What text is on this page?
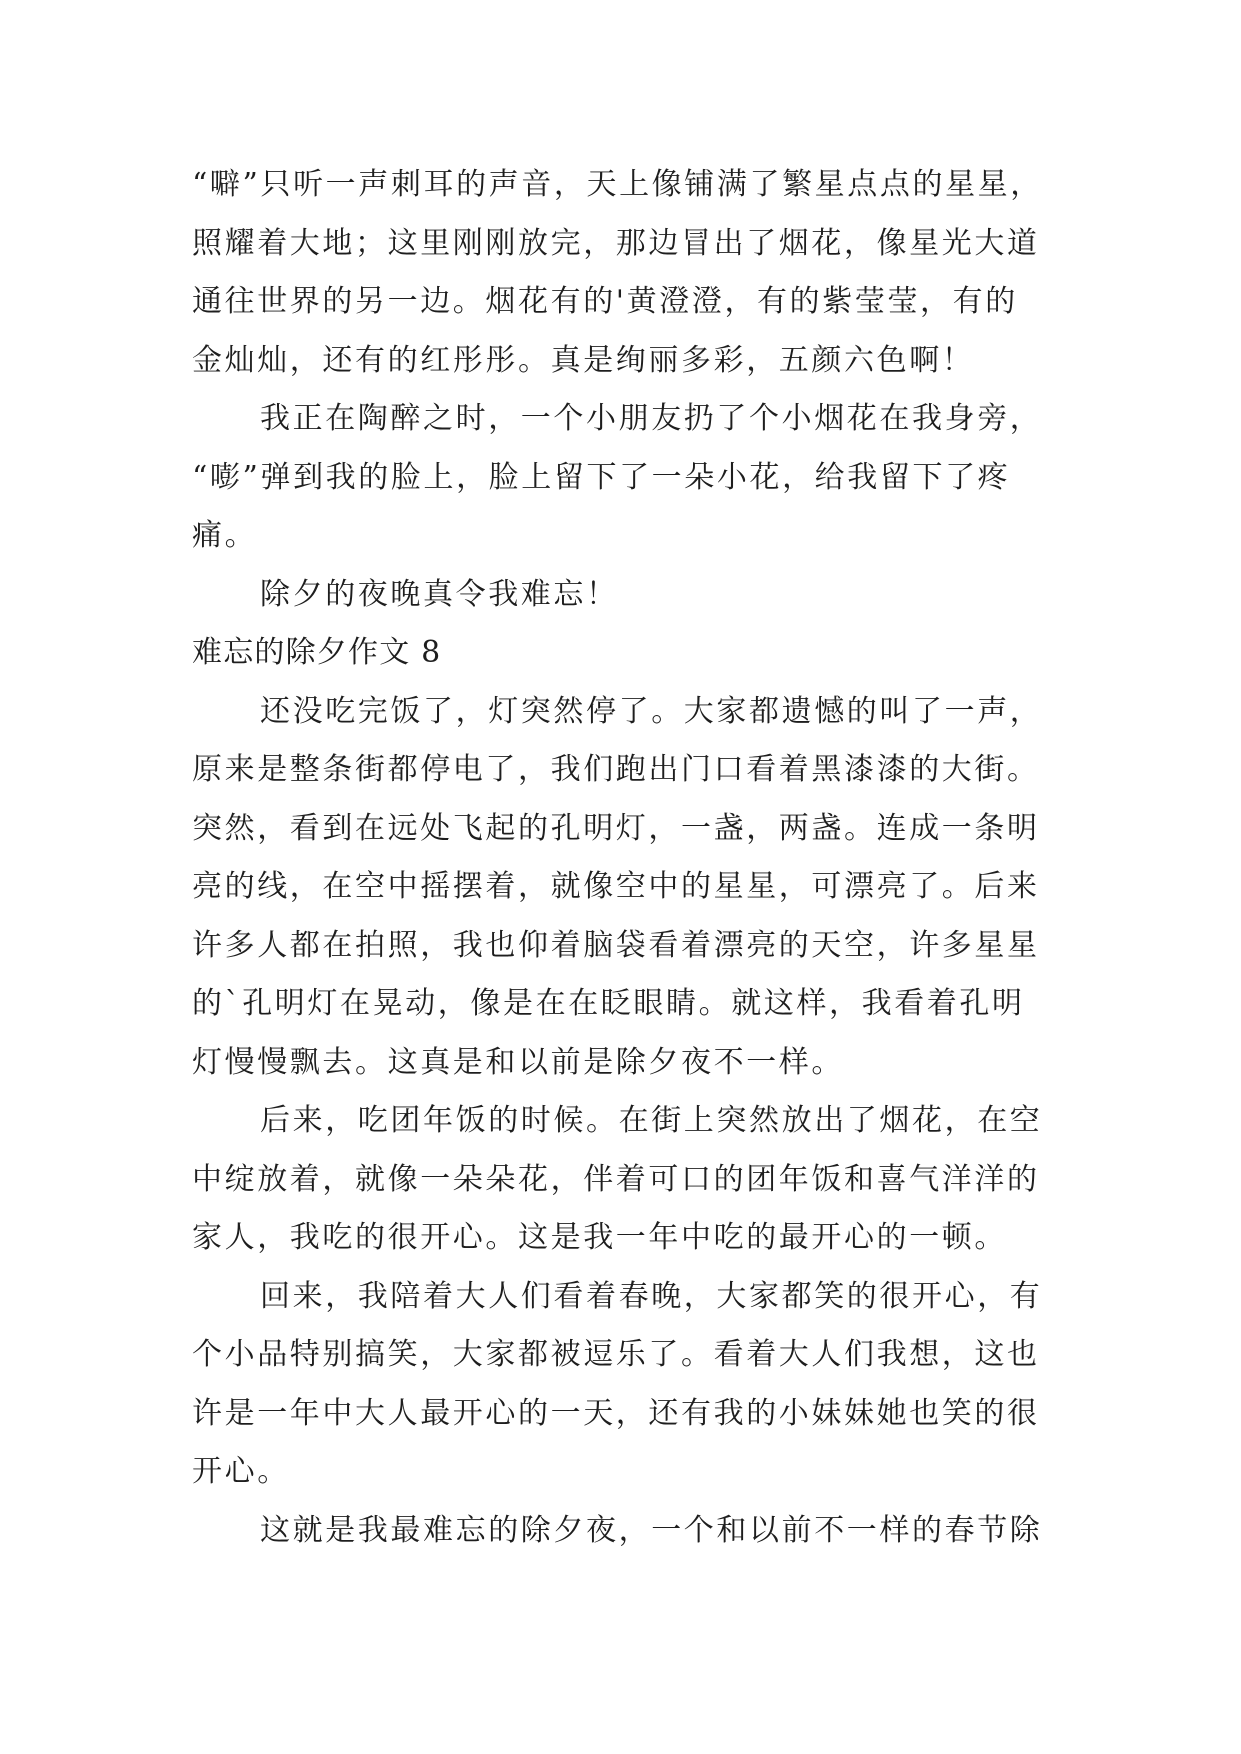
“噼”只听一声刺耳的声音，天上像铺满了繁星点点的星星，
照耀着大地；这里刚刚放完，那边冒出了烟花，像星光大道
通往世界的另一边。烟花有的'黄澄澄，有的紫莹莹，有的
金灿灿，还有的红彤彤。真是绚丽多彩，五颜六色啊！
我正在陶醉之时，一个小朋友扔了个小烟花在我身旁，
“嘭”弹到我的脸上，脸上留下了一朵小花，给我留下了疼
痛。
除夕的夜晚真令我难忘！
难忘的除夕作文 8
还没吃完饭了，灯突然停了。大家都遗憾的叫了一声，
原来是整条街都停电了，我们跑出门口看着黑漆漆的大街。
突然，看到在远处飞起的孔明灯，一盏，两盏。连成一条明
亮的线，在空中摇摆着，就像空中的星星，可漂亮了。后来
许多人都在拍照，我也仰着脑袋看着漂亮的天空，许多星星
的`孔明灯在晃动，像是在在眨眼睛。就这样，我看着孔明
灯慢慢飘去。这真是和以前是除夕夜不一样。
后来，吃团年饭的时候。在街上突然放出了烟花，在空
中绽放着，就像一朵朵花，伴着可口的团年饭和喜气洋洋的
家人，我吃的很开心。这是我一年中吃的最开心的一顿。
回来，我陪着大人们看着春晚，大家都笑的很开心，有
个小品特别搞笑，大家都被逗乐了。看着大人们我想，这也
许是一年中大人最开心的一天，还有我的小妹妹她也笑的很
开心。
这就是我最难忘的除夕夜，一个和以前不一样的春节除
